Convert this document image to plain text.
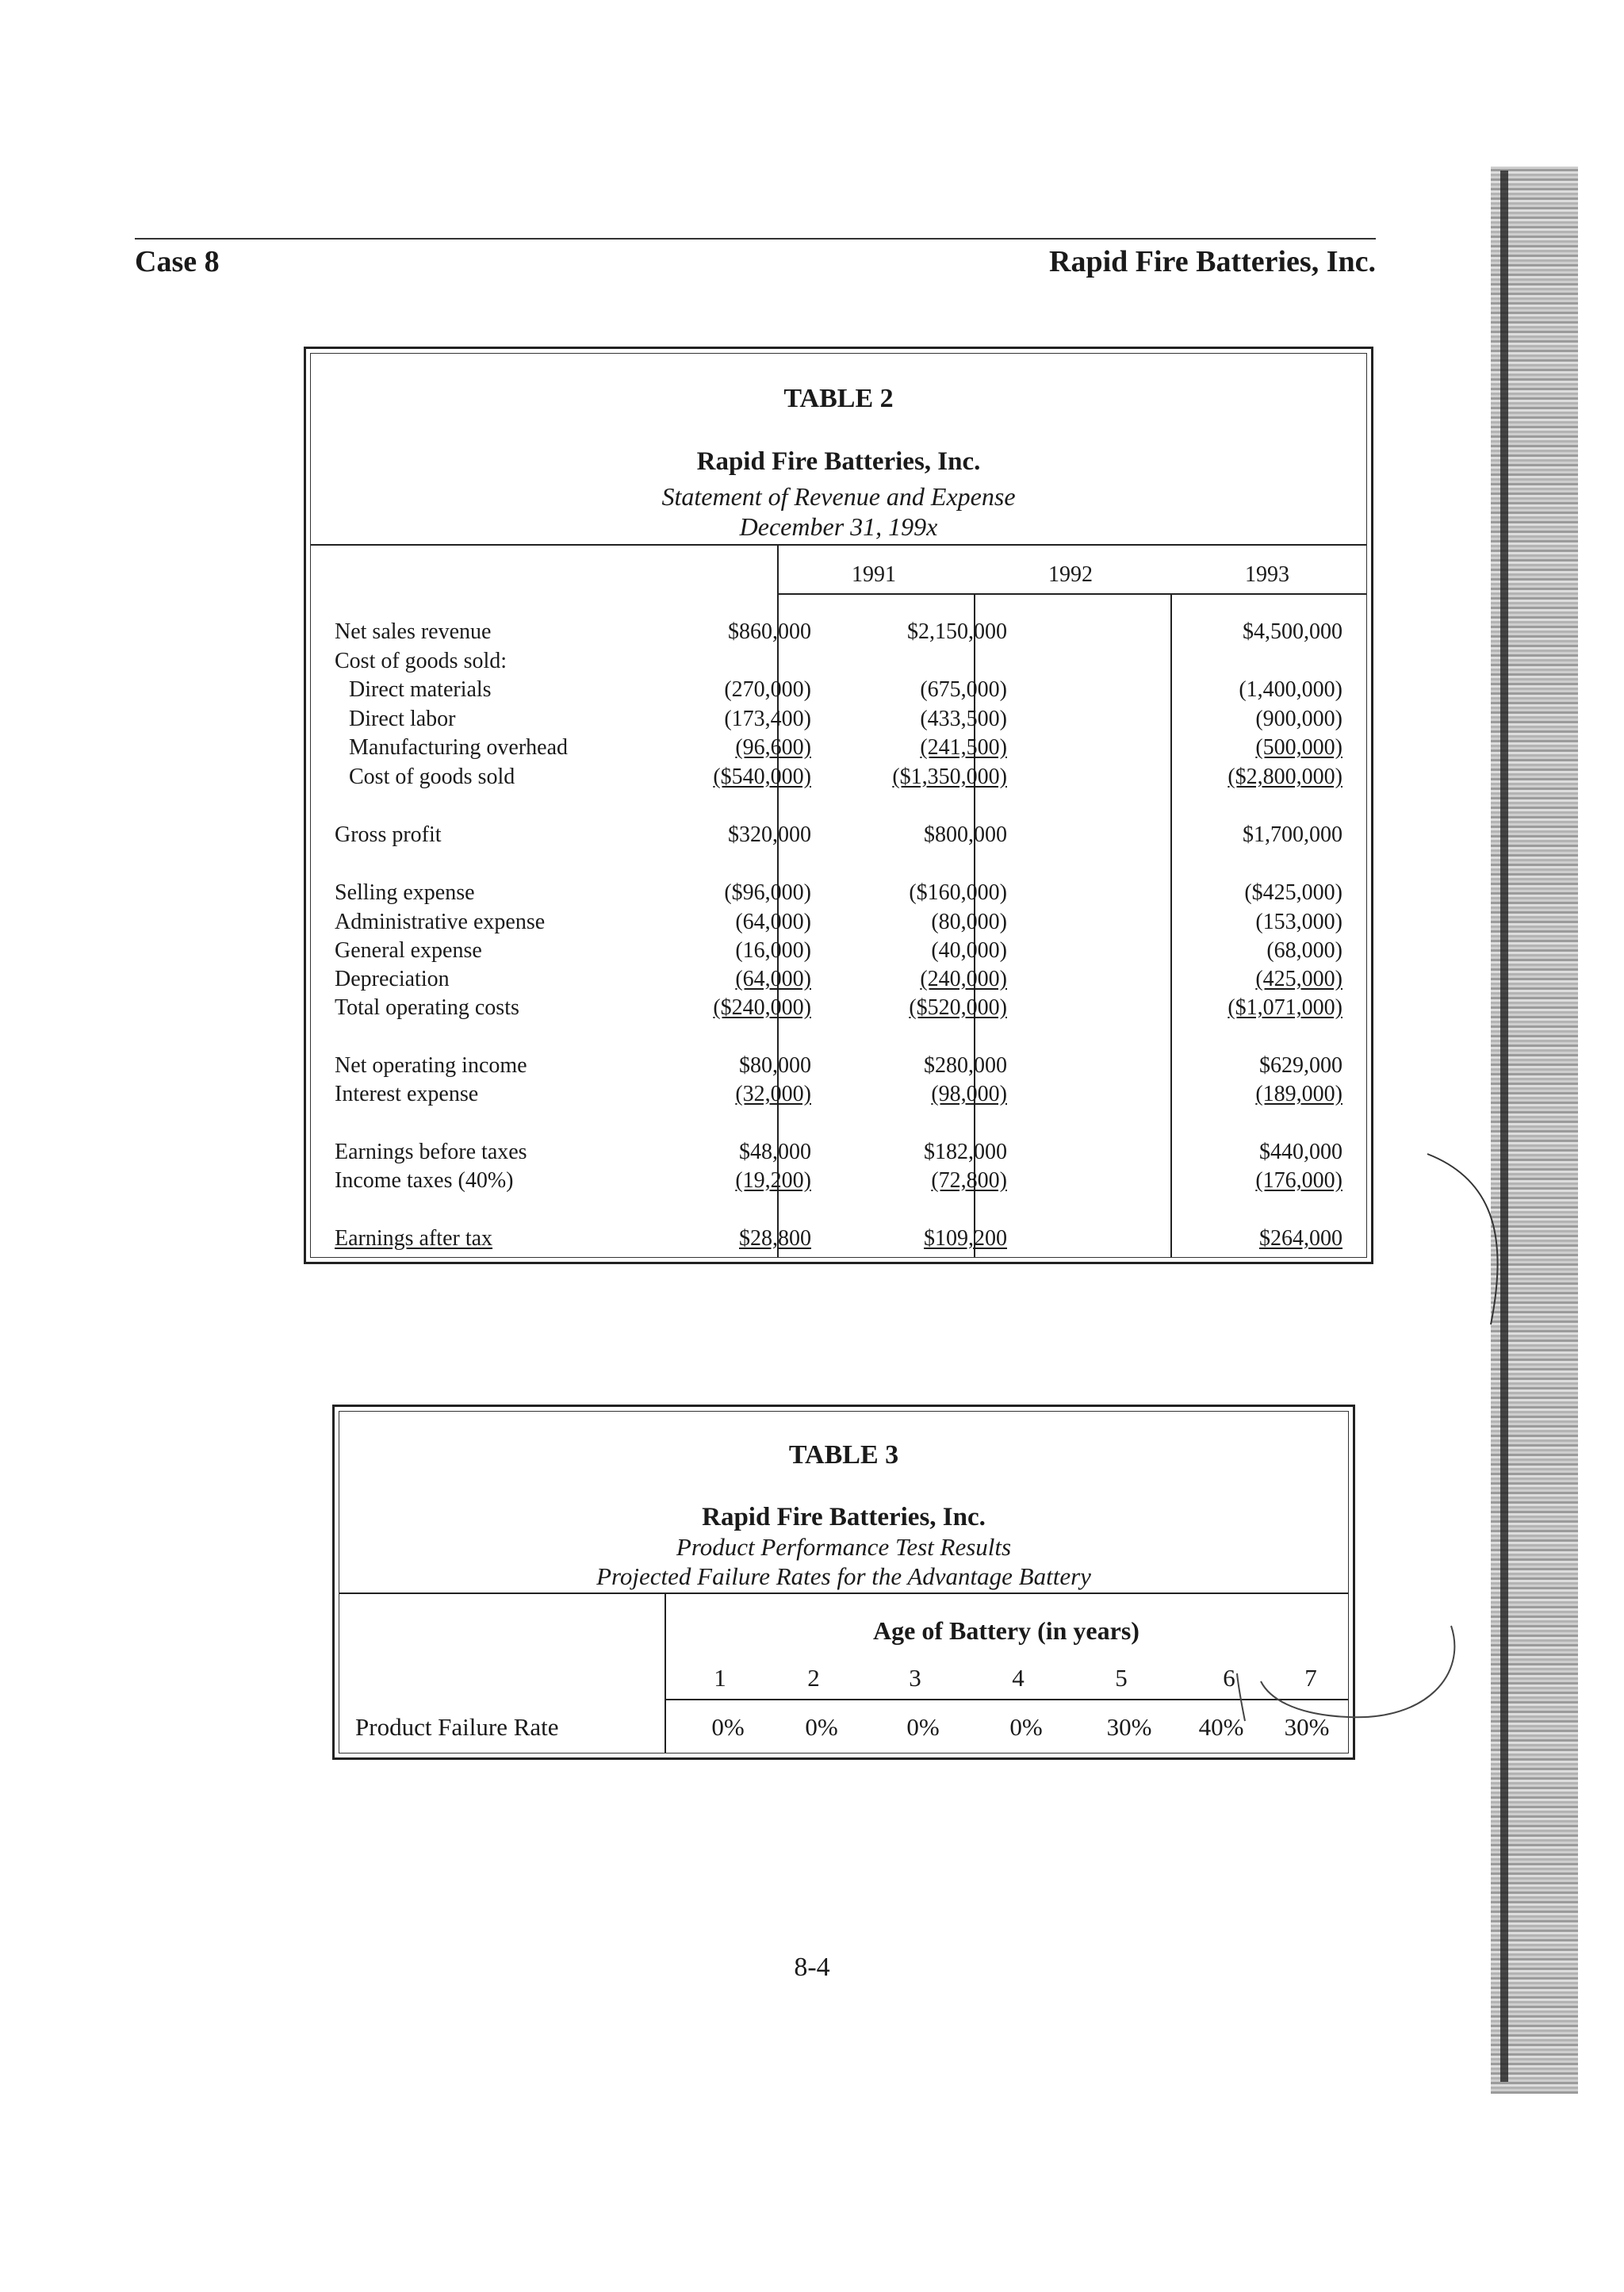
Case 8	Rapid Fire Batteries, Inc.
TABLE 2
Rapid Fire Batteries, Inc.
Statement of Revenue and Expense
December 31, 199x
1991	1992	1993
Net sales revenue	$860,000	$2,150,000	$4,500,000
Cost of goods sold:
Direct materials	(270,000)	(675,000)	(1,400,000)
Direct labor	(173,400)	(433,500)	(900,000)
Manufacturing overhead	(96,600)	(241,500)	(500,000)
Cost of goods sold	($540,000)	($1,350,000)	($2,800,000)
Gross profit	$320,000	$800,000	$1,700,000
Selling expense	($96,000)	($160,000)	($425,000)
Administrative expense	(64,000)	(80,000)	(153,000)
General expense	(16,000)	(40,000)	(68,000)
Depreciation	(64,000)	(240,000)	(425,000)
Total operating costs	($240,000)	($520,000)	($1,071,000)
Net operating income	$80,000	$280,000	$629,000
Interest expense	(32,000)	(98,000)	(189,000)
Earnings before taxes	$48,000	$182,000	$440,000
Income taxes (40%)	(19,200)	(72,800)	(176,000)
Earnings after tax	$28,800	$109,200	$264,000
TABLE 3
Rapid Fire Batteries, Inc.
Product Performance Test Results
Projected Failure Rates for the Advantage Battery
Age of Battery (in years)
1	2	3	4	5	6	7
Product Failure Rate	0%	0%	0%	0%	30%	40%	30%
8-4
